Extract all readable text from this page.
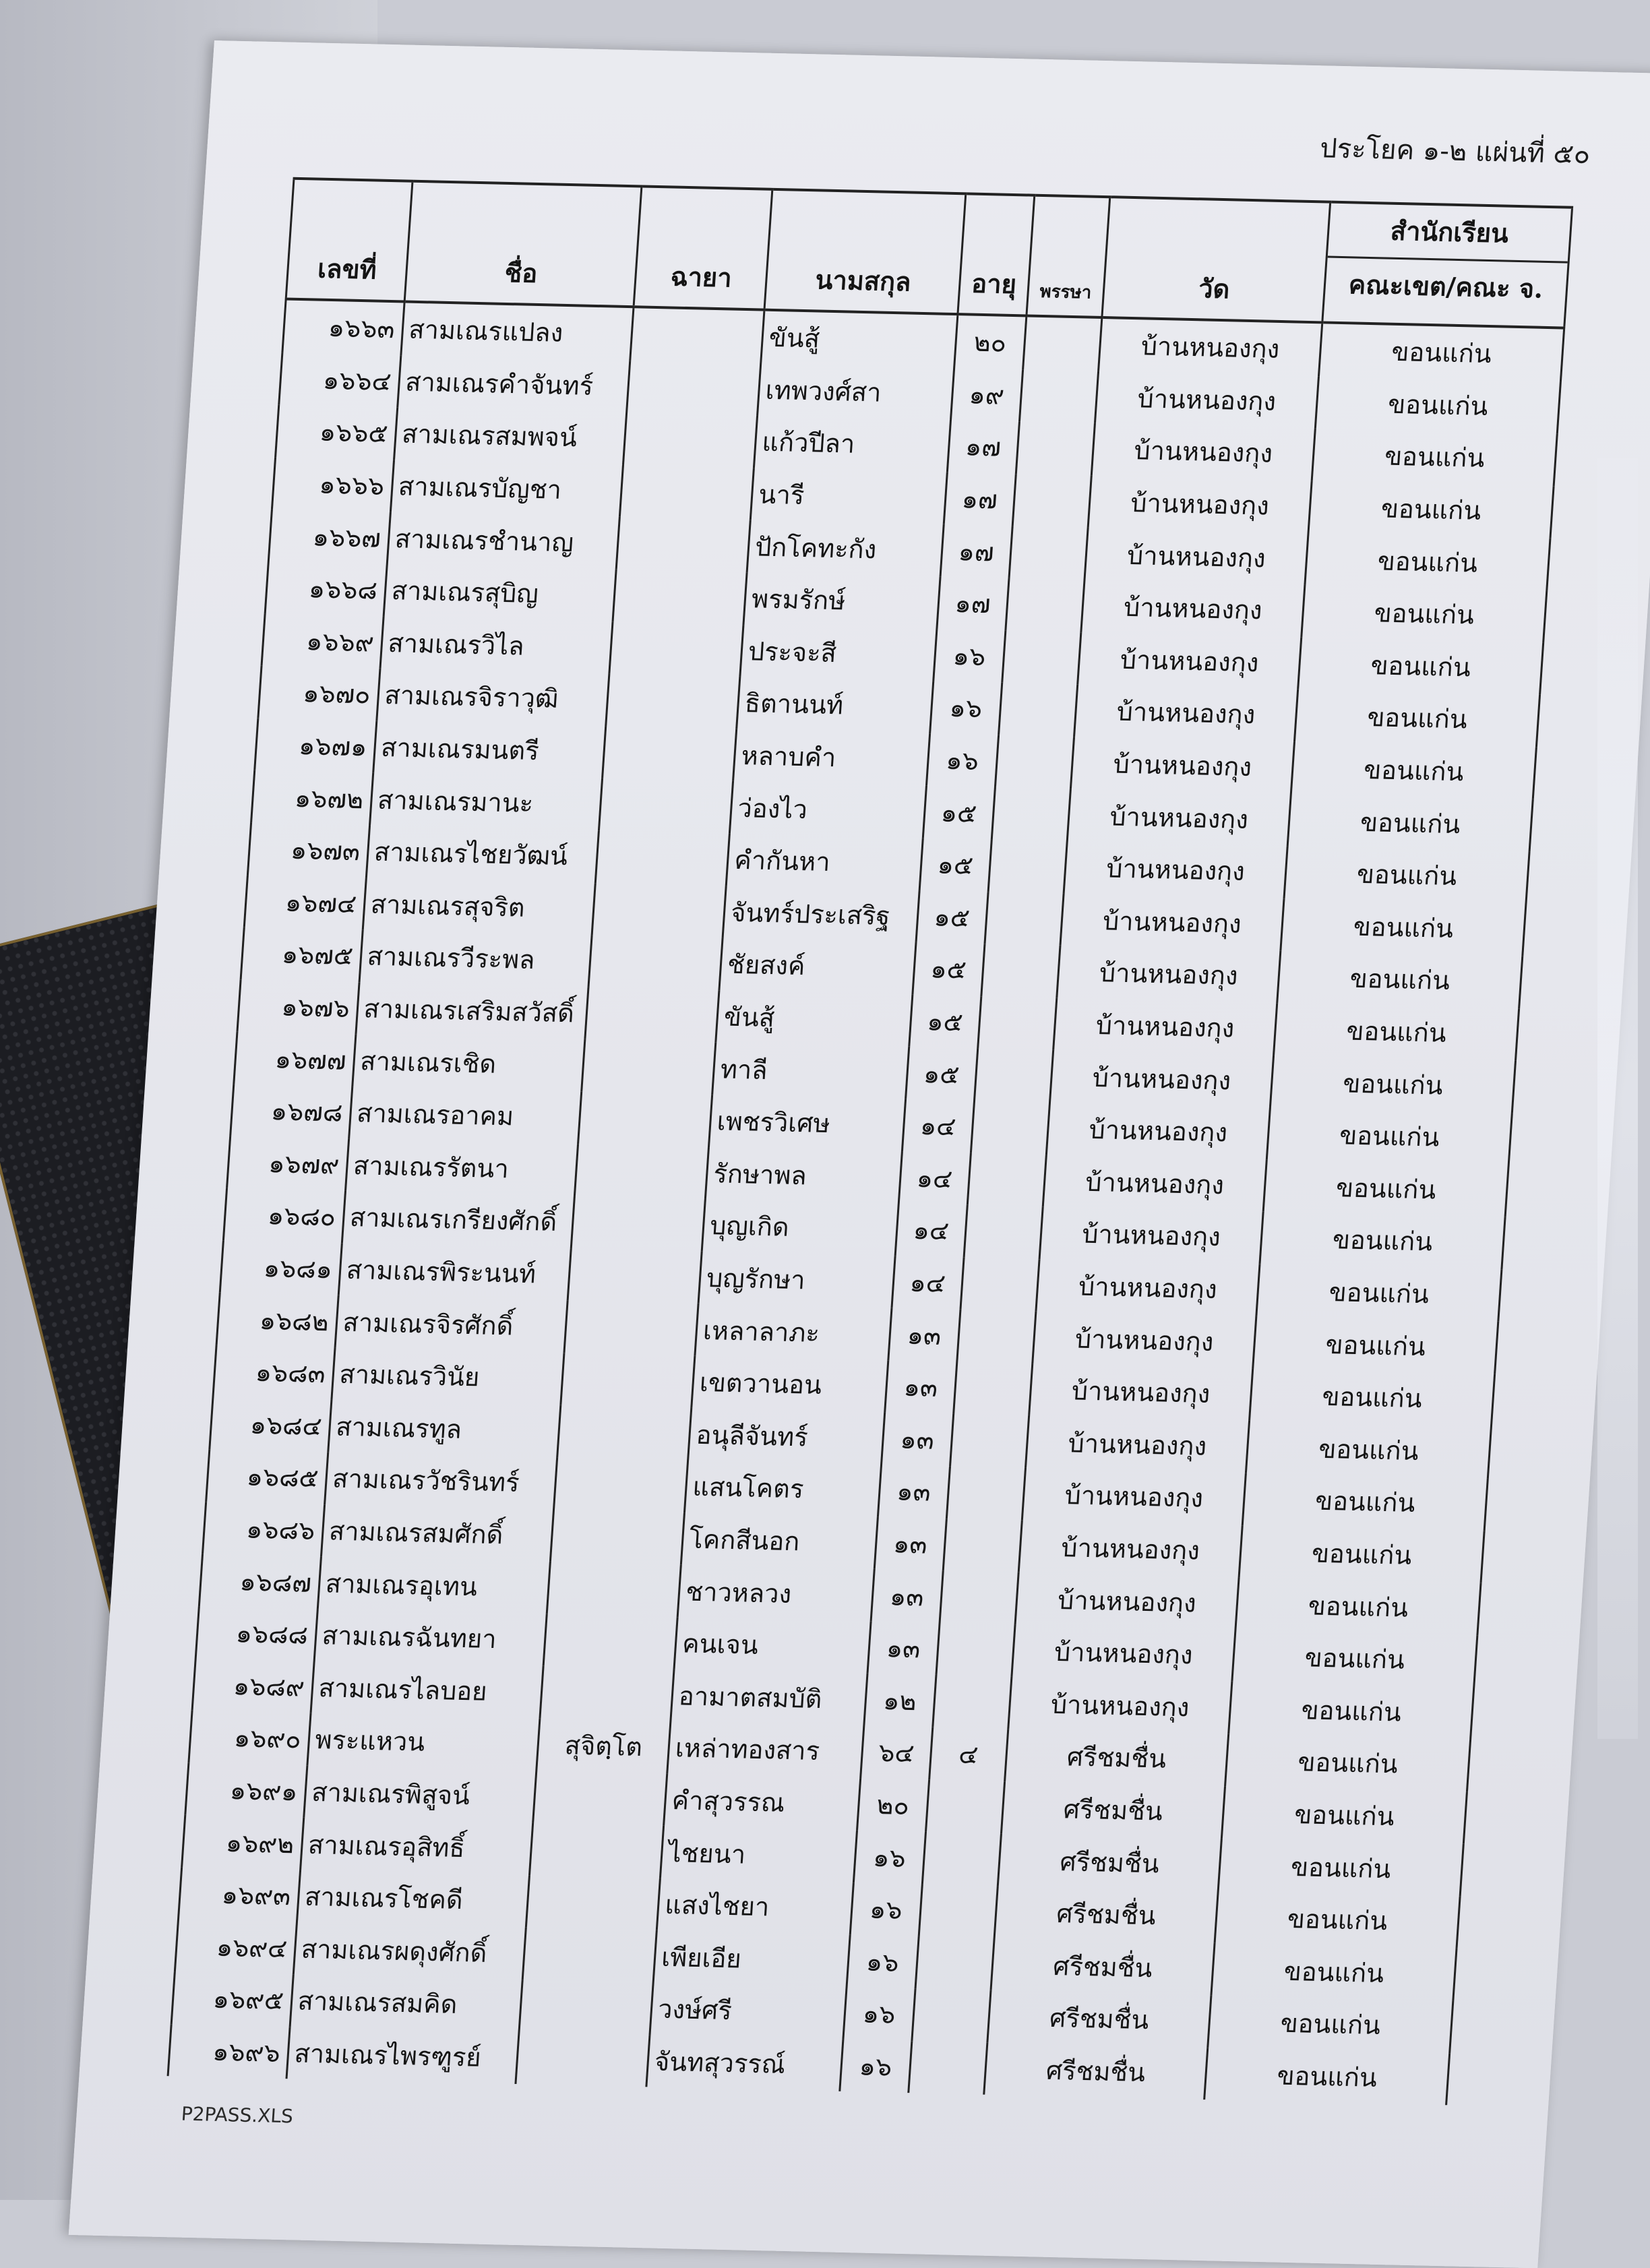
ประโยค ๑-๒ แผ่นที่ ๕๐
เลขที่	ชื่อ	ฉายา	นามสกุล	อายุ	พรรษา	วัด	สำนักเรียน
คณะเขต/คณะ จ.

๑๖๖๓	สามเณรแปลง		ขันสู้	๒๐		บ้านหนองกุง	ขอนแก่น
๑๖๖๔	สามเณรคำจันทร์		เทพวงศ์สา	๑๙		บ้านหนองกุง	ขอนแก่น
๑๖๖๕	สามเณรสมพจน์		แก้วปีลา	๑๗		บ้านหนองกุง	ขอนแก่น
๑๖๖๖	สามเณรบัญชา		นารี	๑๗		บ้านหนองกุง	ขอนแก่น
๑๖๖๗	สามเณรชำนาญ		ปักโคทะกัง	๑๗		บ้านหนองกุง	ขอนแก่น
๑๖๖๘	สามเณรสุบิญ		พรมรักษ์	๑๗		บ้านหนองกุง	ขอนแก่น
๑๖๖๙	สามเณรวิไล		ประจะสี	๑๖		บ้านหนองกุง	ขอนแก่น
๑๖๗๐	สามเณรจิราวุฒิ		ธิตานนท์	๑๖		บ้านหนองกุง	ขอนแก่น
๑๖๗๑	สามเณรมนตรี		หลาบคำ	๑๖		บ้านหนองกุง	ขอนแก่น
๑๖๗๒	สามเณรมานะ		ว่องไว	๑๕		บ้านหนองกุง	ขอนแก่น
๑๖๗๓	สามเณรไชยวัฒน์		คำกันหา	๑๕		บ้านหนองกุง	ขอนแก่น
๑๖๗๔	สามเณรสุจริต		จันทร์ประเสริฐ	๑๕		บ้านหนองกุง	ขอนแก่น
๑๖๗๕	สามเณรวีระพล		ชัยสงค์	๑๕		บ้านหนองกุง	ขอนแก่น
๑๖๗๖	สามเณรเสริมสวัสดิ์		ขันสู้	๑๕		บ้านหนองกุง	ขอนแก่น
๑๖๗๗	สามเณรเชิด		ทาลี	๑๕		บ้านหนองกุง	ขอนแก่น
๑๖๗๘	สามเณรอาคม		เพชรวิเศษ	๑๔		บ้านหนองกุง	ขอนแก่น
๑๖๗๙	สามเณรรัตนา		รักษาพล	๑๔		บ้านหนองกุง	ขอนแก่น
๑๖๘๐	สามเณรเกรียงศักดิ์		บุญเกิด	๑๔		บ้านหนองกุง	ขอนแก่น
๑๖๘๑	สามเณรพิระนนท์		บุญรักษา	๑๔		บ้านหนองกุง	ขอนแก่น
๑๖๘๒	สามเณรจิรศักดิ์		เหลาลาภะ	๑๓		บ้านหนองกุง	ขอนแก่น
๑๖๘๓	สามเณรวินัย		เขตวานอน	๑๓		บ้านหนองกุง	ขอนแก่น
๑๖๘๔	สามเณรทูล		อนุลีจันทร์	๑๓		บ้านหนองกุง	ขอนแก่น
๑๖๘๕	สามเณรวัชรินทร์		แสนโคตร	๑๓		บ้านหนองกุง	ขอนแก่น
๑๖๘๖	สามเณรสมศักดิ์		โคกสีนอก	๑๓		บ้านหนองกุง	ขอนแก่น
๑๖๘๗	สามเณรอุเทน		ชาวหลวง	๑๓		บ้านหนองกุง	ขอนแก่น
๑๖๘๘	สามเณรฉันทยา		คนเจน	๑๓		บ้านหนองกุง	ขอนแก่น
๑๖๘๙	สามเณรไลบอย		อามาตสมบัติ	๑๒		บ้านหนองกุง	ขอนแก่น
๑๖๙๐	พระแหวน	สุจิตฺโต	เหล่าทองสาร	๖๔	๔	ศรีชมชื่น	ขอนแก่น
๑๖๙๑	สามเณรพิสูจน์		คำสุวรรณ	๒๐		ศรีชมชื่น	ขอนแก่น
๑๖๙๒	สามเณรอุสิทธิ์		ไชยนา	๑๖		ศรีชมชื่น	ขอนแก่น
๑๖๙๓	สามเณรโชคดี		แสงไชยา	๑๖		ศรีชมชื่น	ขอนแก่น
๑๖๙๔	สามเณรผดุงศักดิ์		เพียเอีย	๑๖		ศรีชมชื่น	ขอนแก่น
๑๖๙๕	สามเณรสมคิด		วงษ์ศรี	๑๖		ศรีชมชื่น	ขอนแก่น
๑๖๙๖	สามเณรไพรฑูรย์		จันทสุวรรณ์	๑๖		ศรีชมชื่น	ขอนแก่น
P2PASS.XLS
